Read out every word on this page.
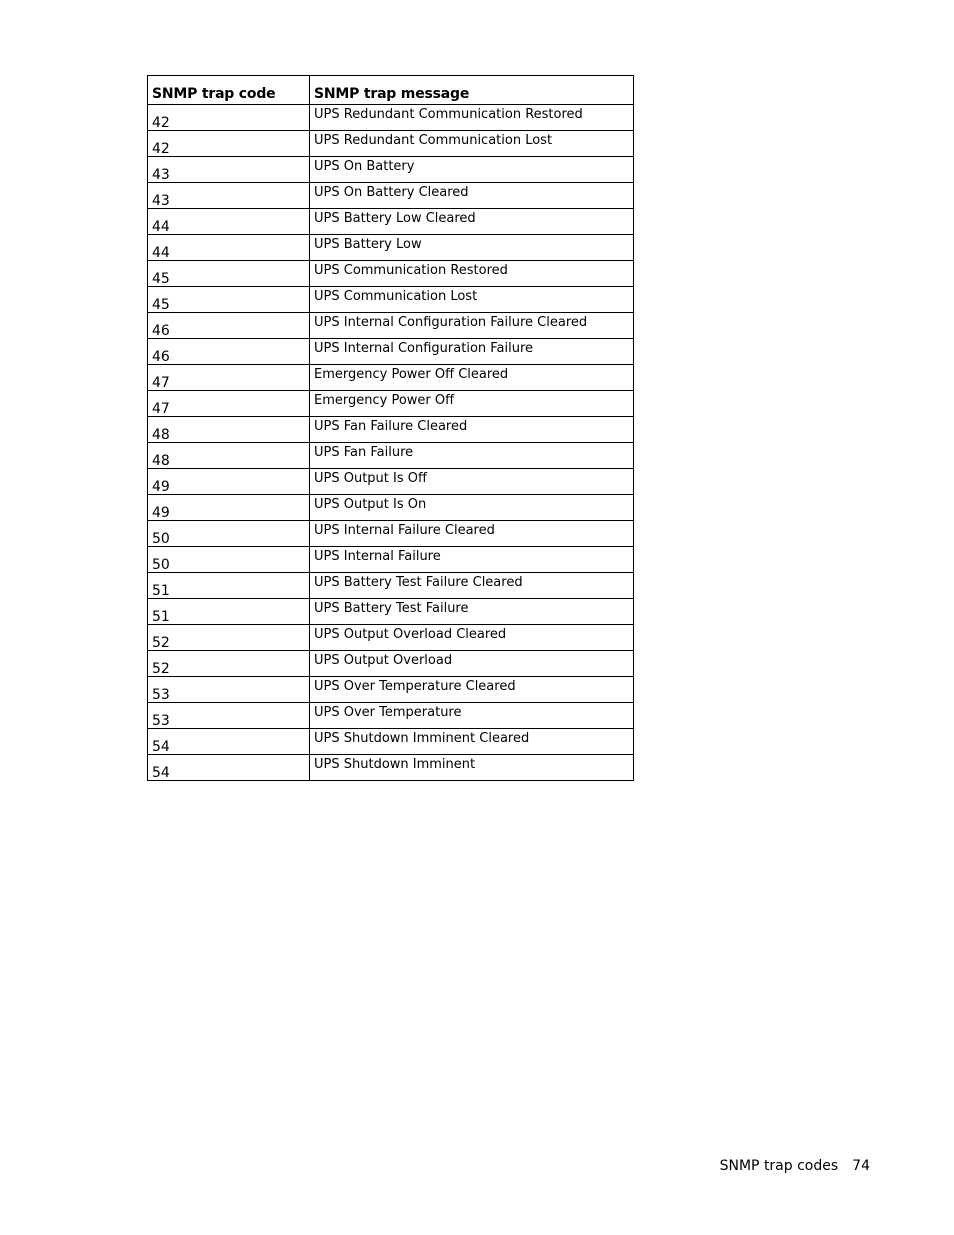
SNMP trap code	SNMP trap message
42	UPS Redundant Communication Restored
42	UPS Redundant Communication Lost
43	UPS On Battery
43	UPS On Battery Cleared
44	UPS Battery Low Cleared
44	UPS Battery Low
45	UPS Communication Restored
45	UPS Communication Lost
46	UPS Internal Configuration Failure Cleared
46	UPS Internal Configuration Failure
47	Emergency Power Off Cleared
47	Emergency Power Off
48	UPS Fan Failure Cleared
48	UPS Fan Failure
49	UPS Output Is Off
49	UPS Output Is On
50	UPS Internal Failure Cleared
50	UPS Internal Failure
51	UPS Battery Test Failure Cleared
51	UPS Battery Test Failure
52	UPS Output Overload Cleared
52	UPS Output Overload
53	UPS Over Temperature Cleared
53	UPS Over Temperature
54	UPS Shutdown Imminent Cleared
54	UPS Shutdown Imminent
SNMP trap codes 74
